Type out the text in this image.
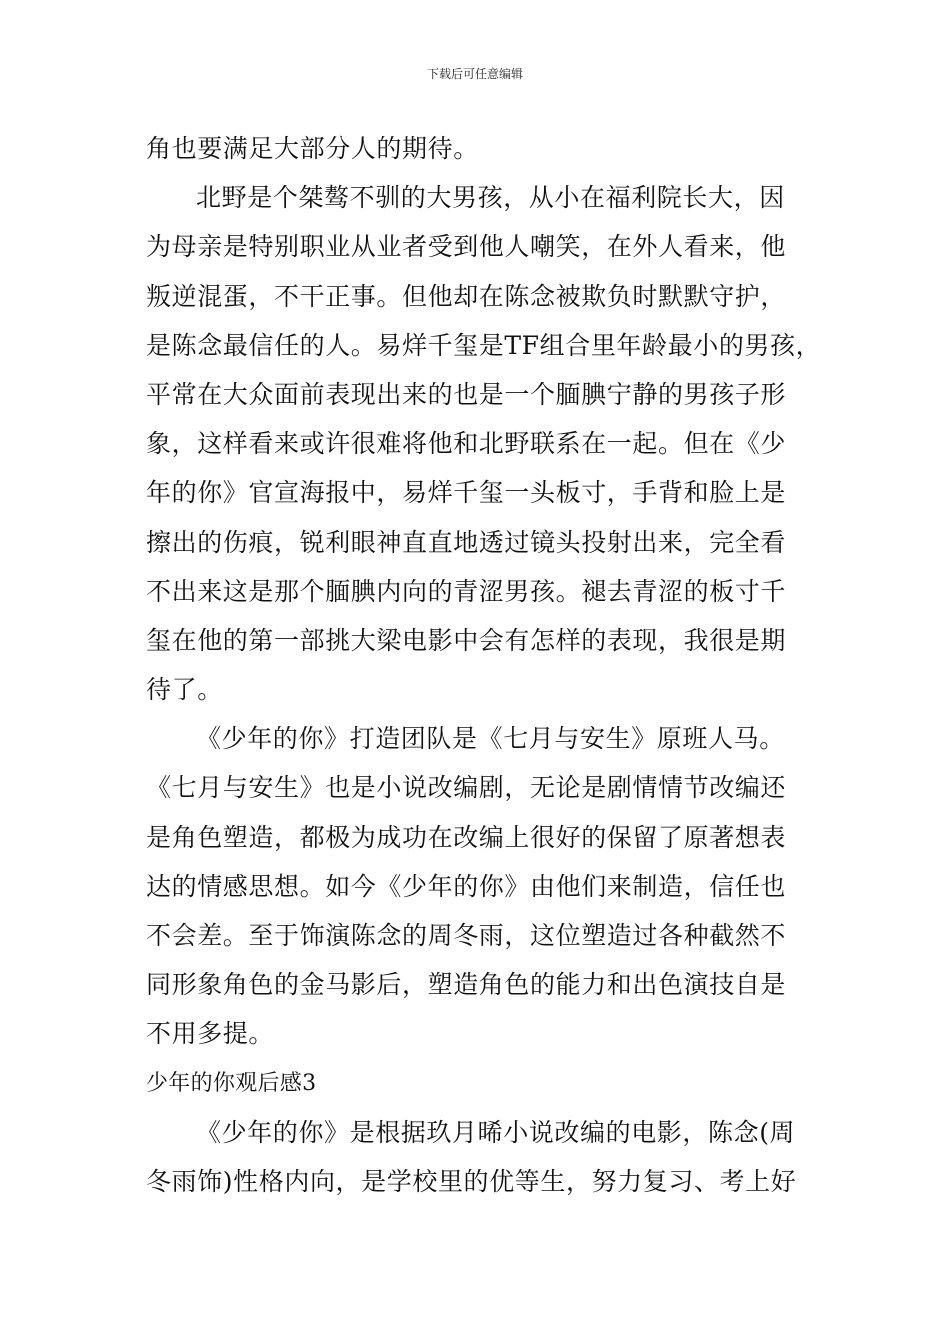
下载后可任意编辑
角也要满足大部分人的期待。
北野是个桀骜不驯的大男孩，从小在福利院长大，因
为母亲是特别职业从业者受到他人嘲笑，在外人看来，他
叛逆混蛋，不干正事。但他却在陈念被欺负时默默守护，
是陈念最信任的人。易烊千玺是TF组合里年龄最小的男孩，
平常在大众面前表现出来的也是一个腼腆宁静的男孩子形
象，这样看来或许很难将他和北野联系在一起。但在《少
年的你》官宣海报中，易烊千玺一头板寸，手背和脸上是
擦出的伤痕，锐利眼神直直地透过镜头投射出来，完全看
不出来这是那个腼腆内向的青涩男孩。褪去青涩的板寸千
玺在他的第一部挑大梁电影中会有怎样的表现，我很是期
待了。
《少年的你》打造团队是《七月与安生》原班人马。
《七月与安生》也是小说改编剧，无论是剧情情节改编还
是角色塑造，都极为成功在改编上很好的保留了原著想表
达的情感思想。如今《少年的你》由他们来制造，信任也
不会差。至于饰演陈念的周冬雨，这位塑造过各种截然不
同形象角色的金马影后，塑造角色的能力和出色演技自是
不用多提。
少年的你观后感3
《少年的你》是根据玖月晞小说改编的电影，陈念(周
冬雨饰)性格内向，是学校里的优等生，努力复习、考上好
